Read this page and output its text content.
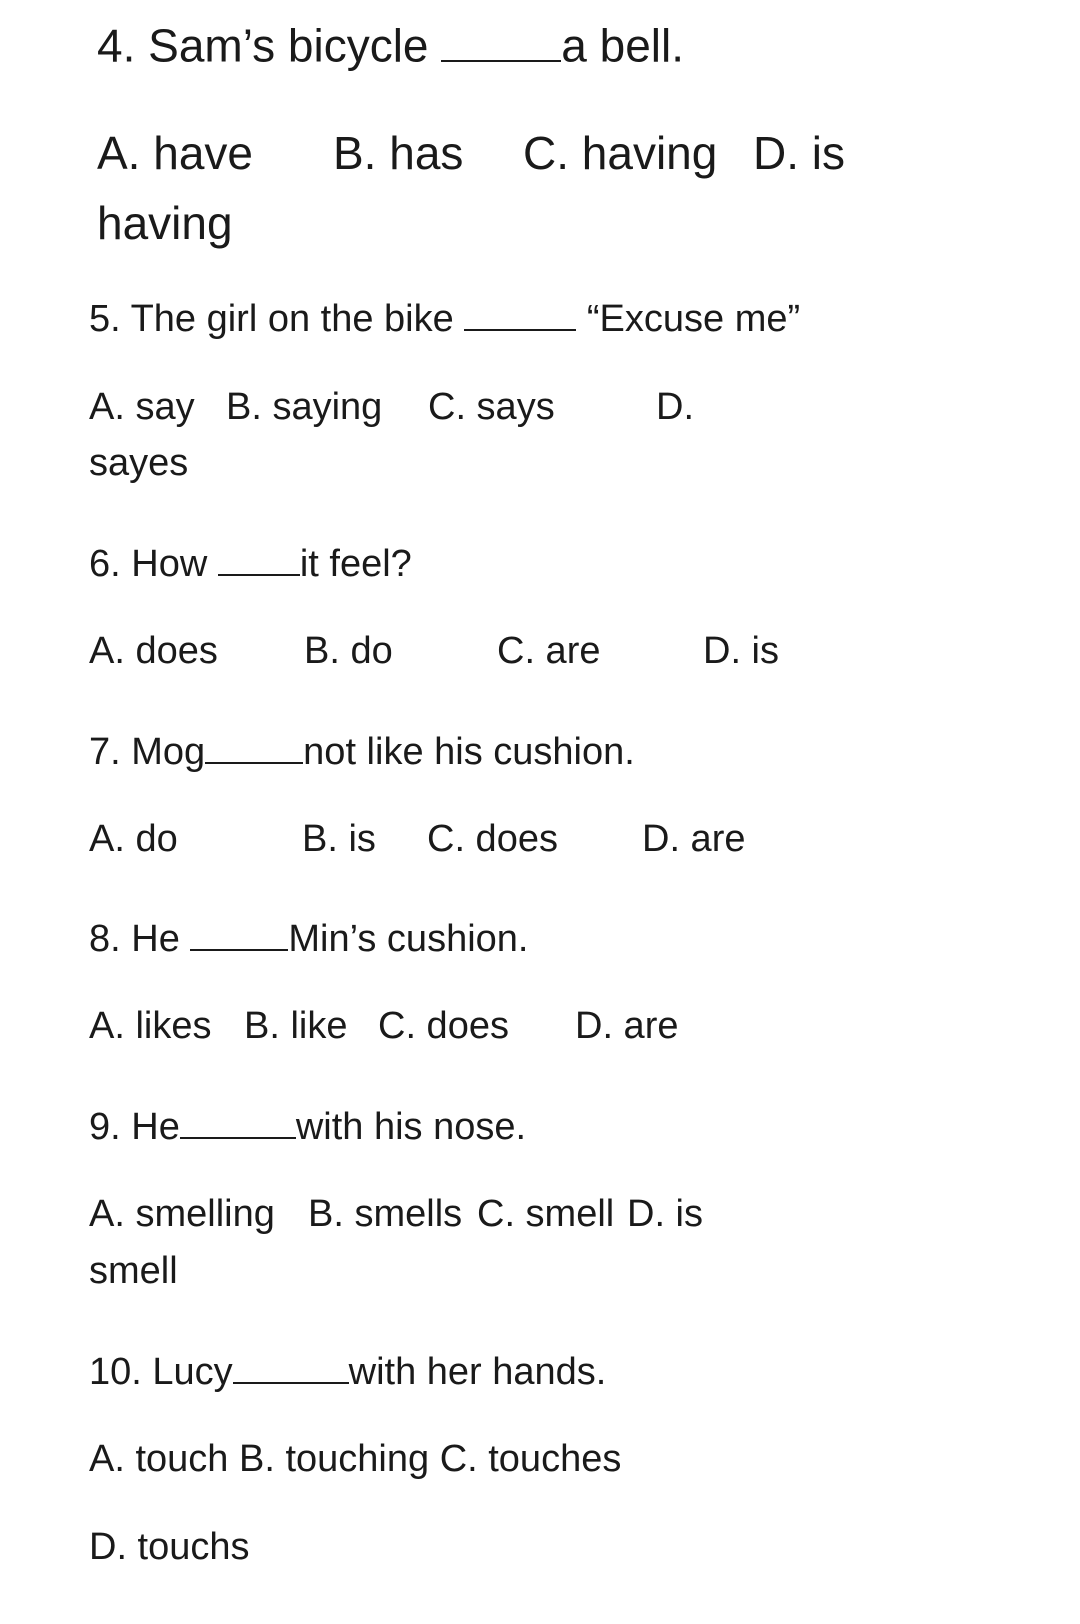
4. Sam’s bicycle	a bell.
A. have B. has C. having D. is
having
5. The girl on the bike	“Excuse me”
A. say B. saying C. says	D.
sayes
6. How it feel?
A. does B. do	C. are	D. is
7. Mog	not like his cushion.
A. do	B. is C. does D. are
8. He	Min’s cushion.
A. likes B. like C. does D. are
9. He	with his nose.
A. smelling B. smells C. smell D. is
smell
10. Lucy	with her hands.
A. touch B. touching C. touches
D. touchs
